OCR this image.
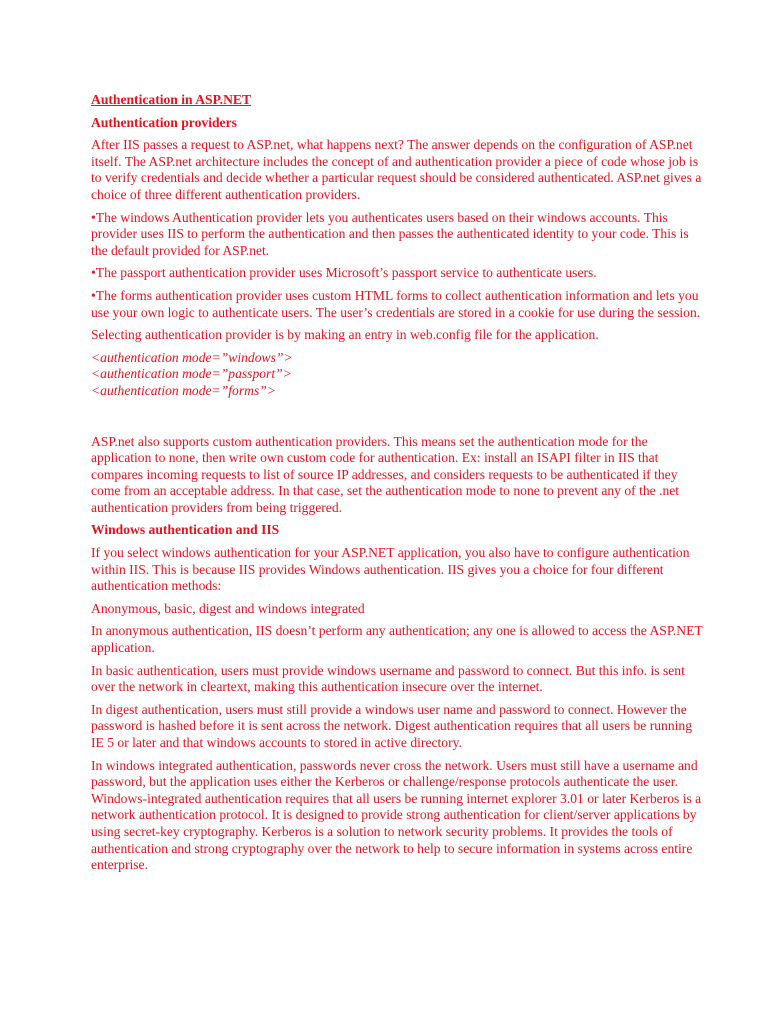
Authentication in ASP.NET

Authentication providers

After IIS passes a request to ASP.net, what happens next? The answer depends on the configuration of ASP.net itself. The ASP.net architecture includes the concept of and authentication provider a piece of code whose job is to verify credentials and decide whether a particular request should be considered authenticated. ASP.net gives a choice of three different authentication providers.

•The windows Authentication provider lets you authenticates users based on their windows accounts. This provider uses IIS to perform the authentication and then passes the authenticated identity to your code. This is the default provided for ASP.net.

•The passport authentication provider uses Microsoft’s passport service to authenticate users.

•The forms authentication provider uses custom HTML forms to collect authentication information and lets you use your own logic to authenticate users. The user’s credentials are stored in a cookie for use during the session.

Selecting authentication provider is by making an entry in web.config file for the application.

<authentication mode=”windows”>

<authentication mode=”passport”>

<authentication mode=”forms”>

ASP.net also supports custom authentication providers. This means set the authentication mode for the application to none, then write own custom code for authentication. Ex: install an ISAPI filter in IIS that compares incoming requests to list of source IP addresses, and considers requests to be authenticated if they come from an acceptable address. In that case, set the authentication mode to none to prevent any of the .net authentication providers from being triggered.

Windows authentication and IIS

If you select windows authentication for your ASP.NET application, you also have to configure authentication within IIS. This is because IIS provides Windows authentication. IIS gives you a choice for four different authentication methods:

Anonymous, basic, digest and windows integrated

In anonymous authentication, IIS doesn’t perform any authentication; any one is allowed to access the ASP.NET application.

In basic authentication, users must provide windows username and password to connect. But this info. is sent over the network in cleartext, making this authentication insecure over the internet.

In digest authentication, users must still provide a windows user name and password to connect. However the password is hashed before it is sent across the network. Digest authentication requires that all users be running IE 5 or later and that windows accounts to stored in active directory.

In windows integrated authentication, passwords never cross the network. Users must still have a username and password, but the application uses either the Kerberos or challenge/response protocols authenticate the user. Windows-integrated authentication requires that all users be running internet explorer 3.01 or later Kerberos is a network authentication protocol. It is designed to provide strong authentication for client/server applications by using secret-key cryptography. Kerberos is a solution to network security problems. It provides the tools of authentication and strong cryptography over the network to help to secure information in systems across entire enterprise.
